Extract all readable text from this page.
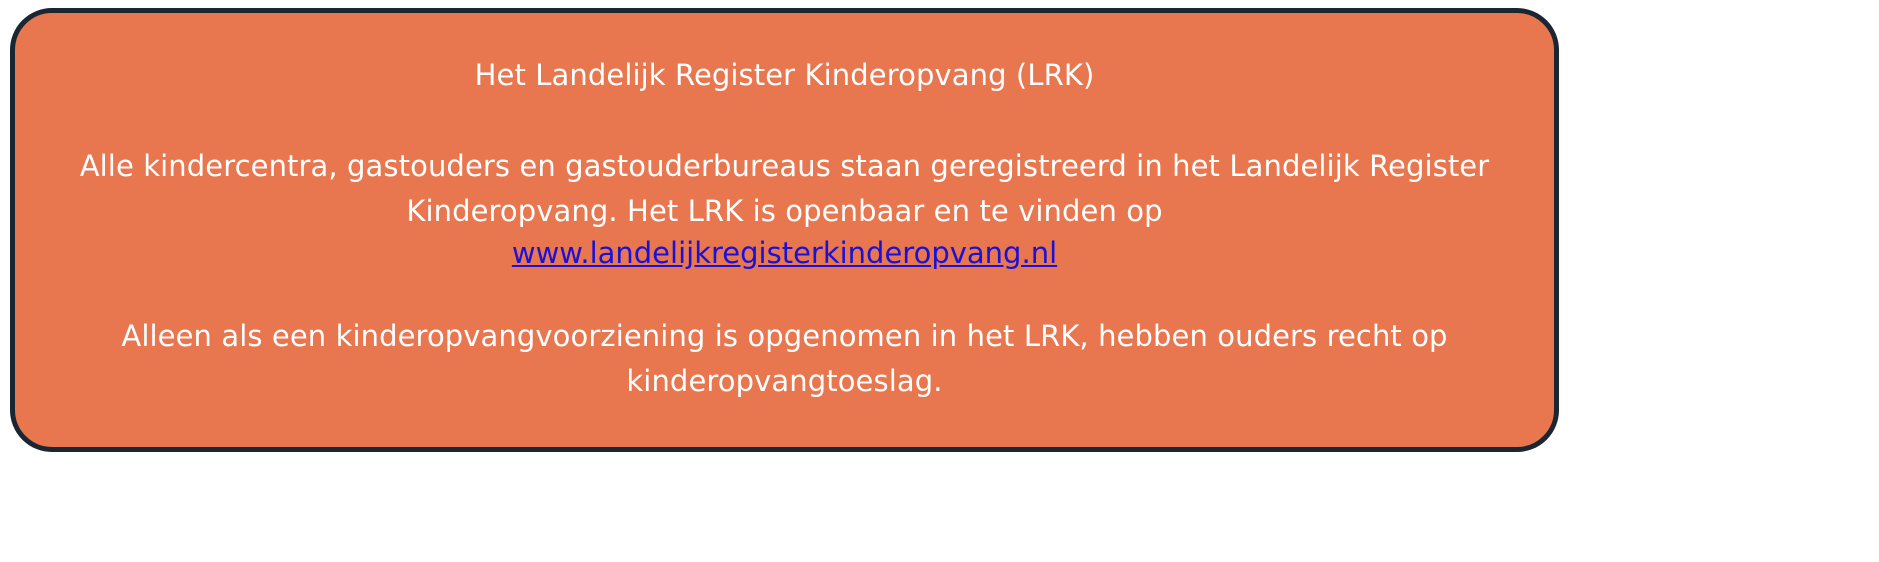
Het Landelijk Register Kinderopvang (LRK)
Alle kindercentra, gastouders en gastouderbureaus staan geregistreerd in het Landelijk Register Kinderopvang. Het LRK is openbaar en te vinden op
www.landelijkregisterkinderopvang.nl
Alleen als een kinderopvangvoorziening is opgenomen in het LRK, hebben ouders recht op kinderopvangtoeslag.
